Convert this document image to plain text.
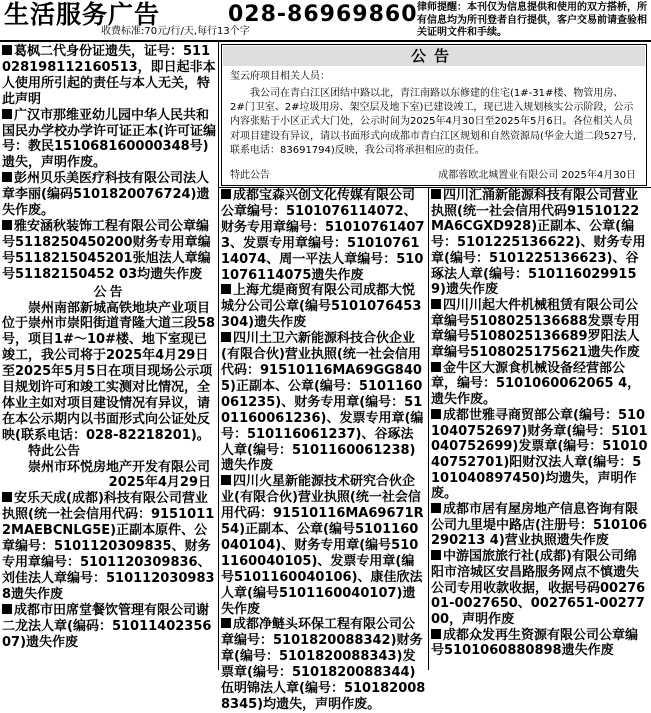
生活服务广告	028-86969860
收费标准:70元/行/天,每行13个字
律师提醒：本刊仅为信息提供和使用的双方搭桥，所有信息均为所刊登者自行提供，客户交易前请查验相关证明文件和手续。

葛枫二代身份证遗失，证号：511028198112160513，即日起非本人使用所引起的责任与本人无关，特此声明

广汉市那维亚幼儿园中华人民共和国民办学校办学许可证正本(许可证编号：教民151068160000348号)遗失，声明作废。

彭州贝乐美医疗科技有限公司法人章李丽(编码5101820076724)遗失作废。

雅安涵秋装饰工程有限公司公章编号5118250450200财务专用章编号5118215045201张旭法人章编号51182150452 03均遗失作废

公告

崇州南部新城高铁地块产业项目位于崇州市崇阳街道青隆大道三段58号，项目1#～10#楼、地下室现已竣工，我公司将于2025年4月29日至2025年5月5日在项目现场公示项目规划许可和竣工实测对比情况，全体业主如对项目建设情况有异议，请在本公示期内以书面形式向公证处反映(联系电话：028-82218201)。

特此公告

崇州市环悦房地产开发有限公司

2025年4月29日

安乐天成(成都)科技有限公司营业执照(统一社会信用代码：91510112MAEBCNLG5E)正副本原件、公章编号：5101120309835、财务专用章编号：5101120309836、刘佳法人章编号：5101120309838遗失作废

成都市田席堂餐饮管理有限公司谢二龙法人章(编码：5101140235607)遗失作废

公告
玺云府项目相关人员：
我公司在青白江区团结中路以北，青江南路以东修建的住宅(1#-31#楼、物管用房、2#门卫室、2#垃圾用房、架空层及地下室)已建设竣工，现已进入规划核实公示阶段，公示内容张贴于小区正式大门处，公示时间为2025年4月30日至2025年5月6日。各位相关人员对项目建设有异议，请以书面形式向成都市青白江区规划和自然资源局(华金大道二段527号,联系电话：83691794)反映，我公司将承担相应的责任。
特此公告	成都蓉欧北城置业有限公司 2025年4月30日

成都宝森兴创文化传媒有限公司公章编号：5101076114072、财务专用章编号：510107614073、发票专用章编号：5101076114074、周一平法人章编号：5101076114075遗失作废

上海尤缇商贸有限公司成都大悦城分公司公章(编号5101076453304)遗失作废

四川土卫六新能源科技合伙企业(有限合伙)营业执照(统一社会信用代码：91510116MA69GG8405)正副本、公章(编号：5101160061235)、财务专用章(编号：5101160061236)、发票专用章(编号：510116061237)、谷琢法人章(编号：5101160061238)遗失作废

四川火星新能源技术研究合伙企业(有限合伙)营业执照(统一社会信用代码：91510116MA69671R54)正副本、公章(编号5101160040104)、财务专用章(编号5101160040105)、发票专用章(编号5101160040106)、康佳欣法人章(编号5101160040107)遗失作废

成都净鲢头环保工程有限公司公章编号：5101820088342)财务章(编号：5101820088343)发票章(编号：5101820088344)伍明锦法人章(编号：5101820088345)均遗失，声明作废。

四川汇涌新能源科技有限公司营业执照(统一社会信用代码91510122MA6CGXD928)正副本、公章(编号：5101225136622)、财务专用章(编号：5101225136623)、谷琢法人章(编号：5101160299159)遗失作废

四川川起大件机械租赁有限公司公章编号5108025136688发票专用章编号5108025136689罗阳法人章编号5108025175621遗失作废

金牛区大源食机械设备经营部公章，编号：5101060062065 4，遗失作废。

成都世雅寻商贸部公章(编号：5101040752697)财务章(编号：5101040752699)发票章(编号：5101040752701)阳财汉法人章(编号：5101040897450)均遗失，声明作废。

成都市居有屋房地产信息咨询有限公司九里堤中路店(注册号：510106290213 4)营业执照遗失作废

中游国旅旅行社(成都)有限公司绵阳市涪城区安昌路服务网点不慎遗失公司专用收款收据，收据号码0027601-0027650、0027651-0027700，声明作废

成都众发再生资源有限公司公章编号5101060880898遗失作废
